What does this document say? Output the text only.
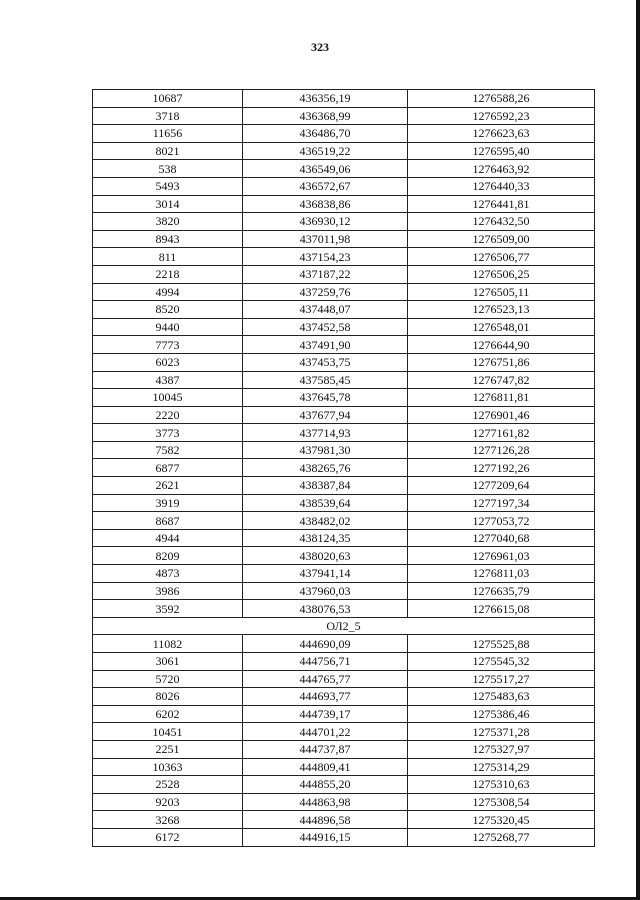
323
10687	436356,19	1276588,26
3718	436368,99	1276592,23
11656	436486,70	1276623,63
8021	436519,22	1276595,40
538	436549,06	1276463,92
5493	436572,67	1276440,33
3014	436838,86	1276441,81
3820	436930,12	1276432,50
8943	437011,98	1276509,00
811	437154,23	1276506,77
2218	437187,22	1276506,25
4994	437259,76	1276505,11
8520	437448,07	1276523,13
9440	437452,58	1276548,01
7773	437491,90	1276644,90
6023	437453,75	1276751,86
4387	437585,45	1276747,82
10045	437645,78	1276811,81
2220	437677,94	1276901,46
3773	437714,93	1277161,82
7582	437981,30	1277126,28
6877	438265,76	1277192,26
2621	438387,84	1277209,64
3919	438539,64	1277197,34
8687	438482,02	1277053,72
4944	438124,35	1277040,68
8209	438020,63	1276961,03
4873	437941,14	1276811,03
3986	437960,03	1276635,79
3592	438076,53	1276615,08
ОЛ2_5		
11082	444690,09	1275525,88
3061	444756,71	1275545,32
5720	444765,77	1275517,27
8026	444693,77	1275483,63
6202	444739,17	1275386,46
10451	444701,22	1275371,28
2251	444737,87	1275327,97
10363	444809,41	1275314,29
2528	444855,20	1275310,63
9203	444863,98	1275308,54
3268	444896,58	1275320,45
6172	444916,15	1275268,77
